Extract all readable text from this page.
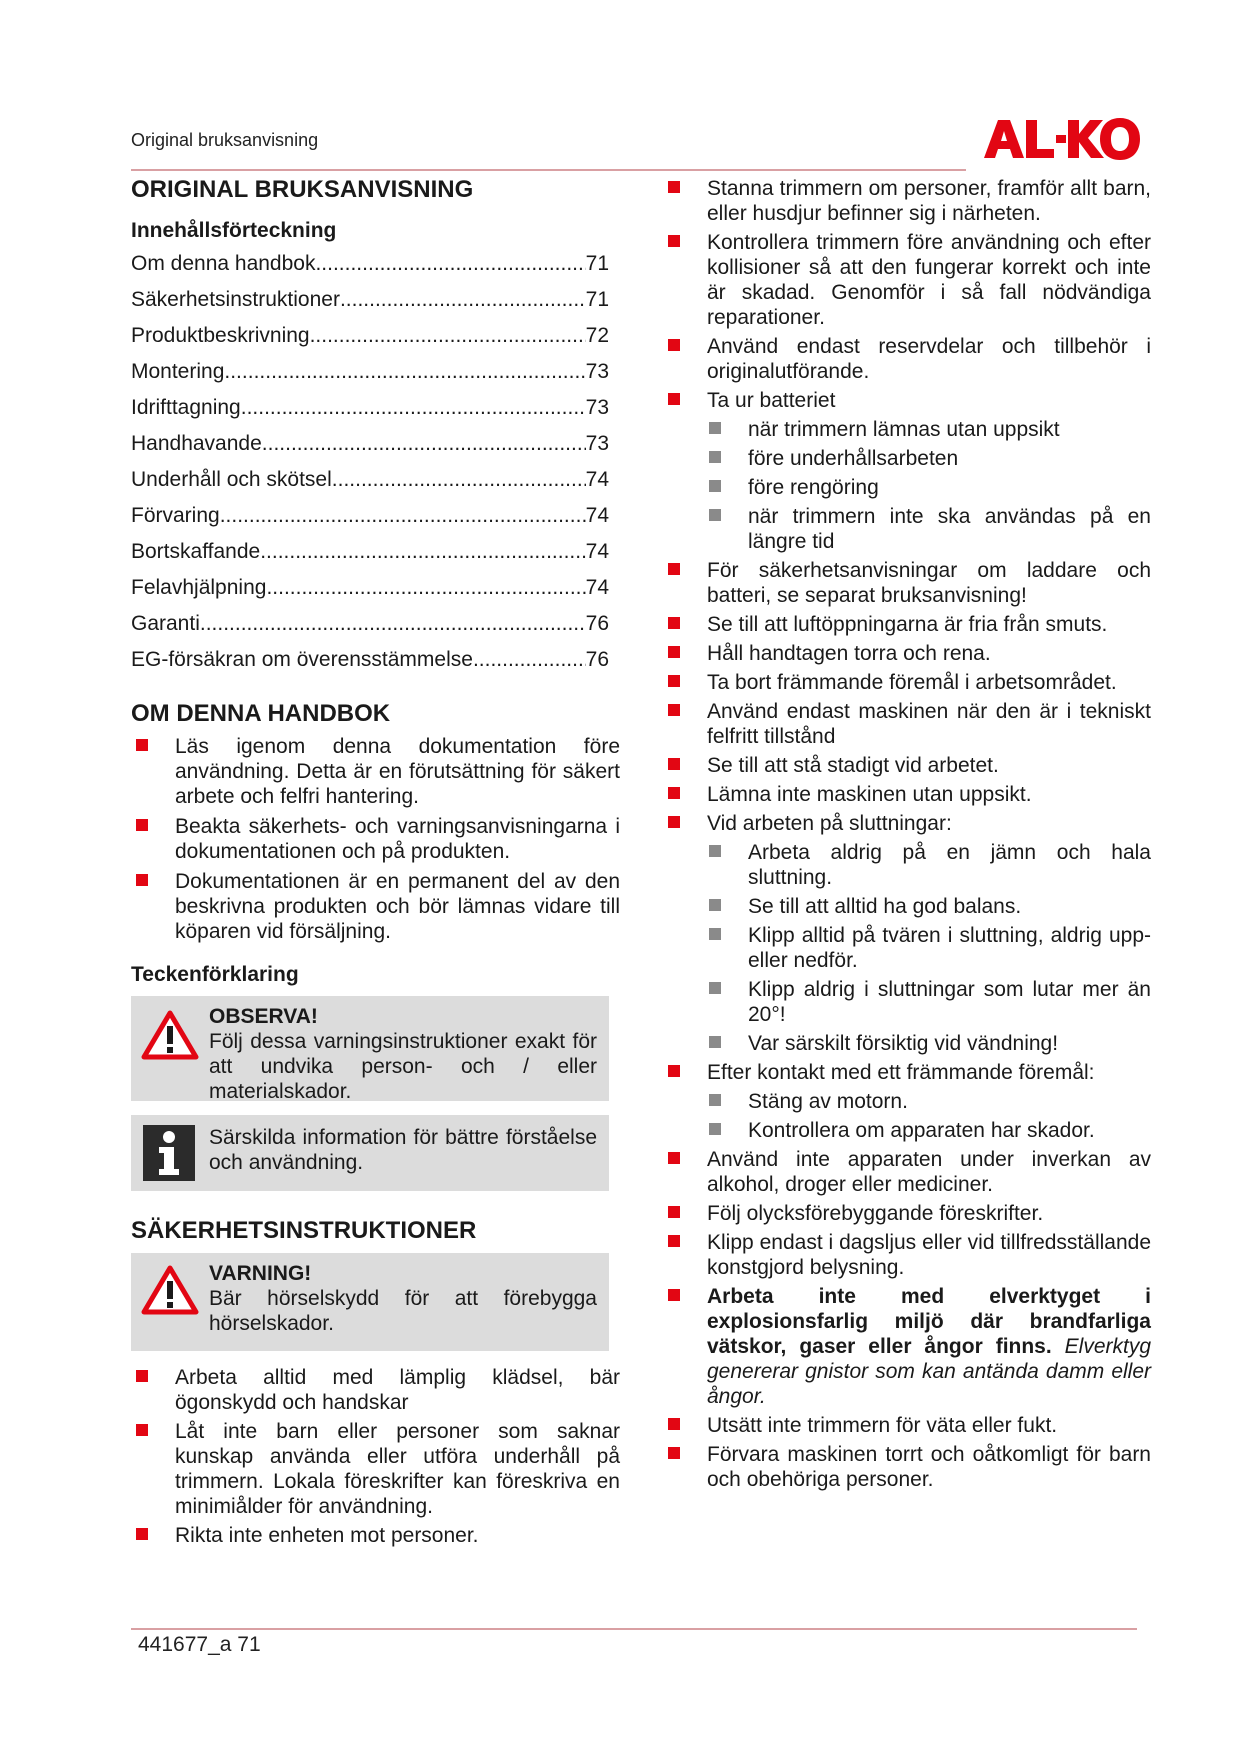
Original bruksanvisning
ORIGINAL BRUKSANVISNING
Innehållsförteckning
Om denna handbok .....	71
Säkerhetsinstruktioner .....	71
Produktbeskrivning .....	72
Montering .....	73
Idrifttagning .....	73
Handhavande .....	73
Underhåll och skötsel .....	74
Förvaring .....	74
Bortskaffande .....	74
Felavhjälpning .....	74
Garanti .....	76
EG-försäkran om överensstämmelse .....	76
OM DENNA HANDBOK
Läs igenom denna dokumentation före användning. Detta är en förutsättning för säkert arbete och felfri hantering.
Beakta säkerhets- och varningsanvisningarna i dokumentationen och på produkten.
Dokumentationen är en permanent del av den beskrivna produkten och bör lämnas vidare till köparen vid försäljning.
Teckenförklaring
OBSERVA!
Följ dessa varningsinstruktioner exakt för att undvika person- och / eller materialskador.
Särskilda information för bättre förståelse och användning.
SÄKERHETSINSTRUKTIONER
VARNING!
Bär hörselskydd för att förebygga hörselskador.
Arbeta alltid med lämplig klädsel, bär ögonskydd och handskar
Låt inte barn eller personer som saknar kunskap använda eller utföra underhåll på trimmern. Lokala föreskrifter kan föreskriva en minimiålder för användning.
Rikta inte enheten mot personer.
Stanna trimmern om personer, framför allt barn, eller husdjur befinner sig i närheten.
Kontrollera trimmern före användning och efter kollisioner så att den fungerar korrekt och inte är skadad. Genomför i så fall nödvändiga reparationer.
Använd endast reservdelar och tillbehör i originalutförande.
Ta ur batteriet
när trimmern lämnas utan uppsikt
före underhållsarbeten
före rengöring
när trimmern inte ska användas på en längre tid
För säkerhetsanvisningar om laddare och batteri, se separat bruksanvisning!
Se till att luftöppningarna är fria från smuts.
Håll handtagen torra och rena.
Ta bort främmande föremål i arbetsområdet.
Använd endast maskinen när den är i tekniskt felfritt tillstånd
Se till att stå stadigt vid arbetet.
Lämna inte maskinen utan uppsikt.
Vid arbeten på sluttningar:
Arbeta aldrig på en jämn och hala sluttning.
Se till att alltid ha god balans.
Klipp alltid på tvären i sluttning, aldrig upp- eller nedför.
Klipp aldrig i sluttningar som lutar mer än 20°!
Var särskilt försiktig vid vändning!
Efter kontakt med ett främmande föremål:
Stäng av motorn.
Kontrollera om apparaten har skador.
Använd inte apparaten under inverkan av alkohol, droger eller mediciner.
Följ olycksförebyggande föreskrifter.
Klipp endast i dagsljus eller vid tillfredsställande konstgjord belysning.
Arbeta inte med elverktyget i explosionsfarlig miljö där brandfarliga vätskor, gaser eller ångor finns. Elverktyg genererar gnistor som kan antända damm eller ångor.
Utsätt inte trimmern för väta eller fukt.
Förvara maskinen torrt och oåtkomligt för barn och obehöriga personer.
441677_a 71
